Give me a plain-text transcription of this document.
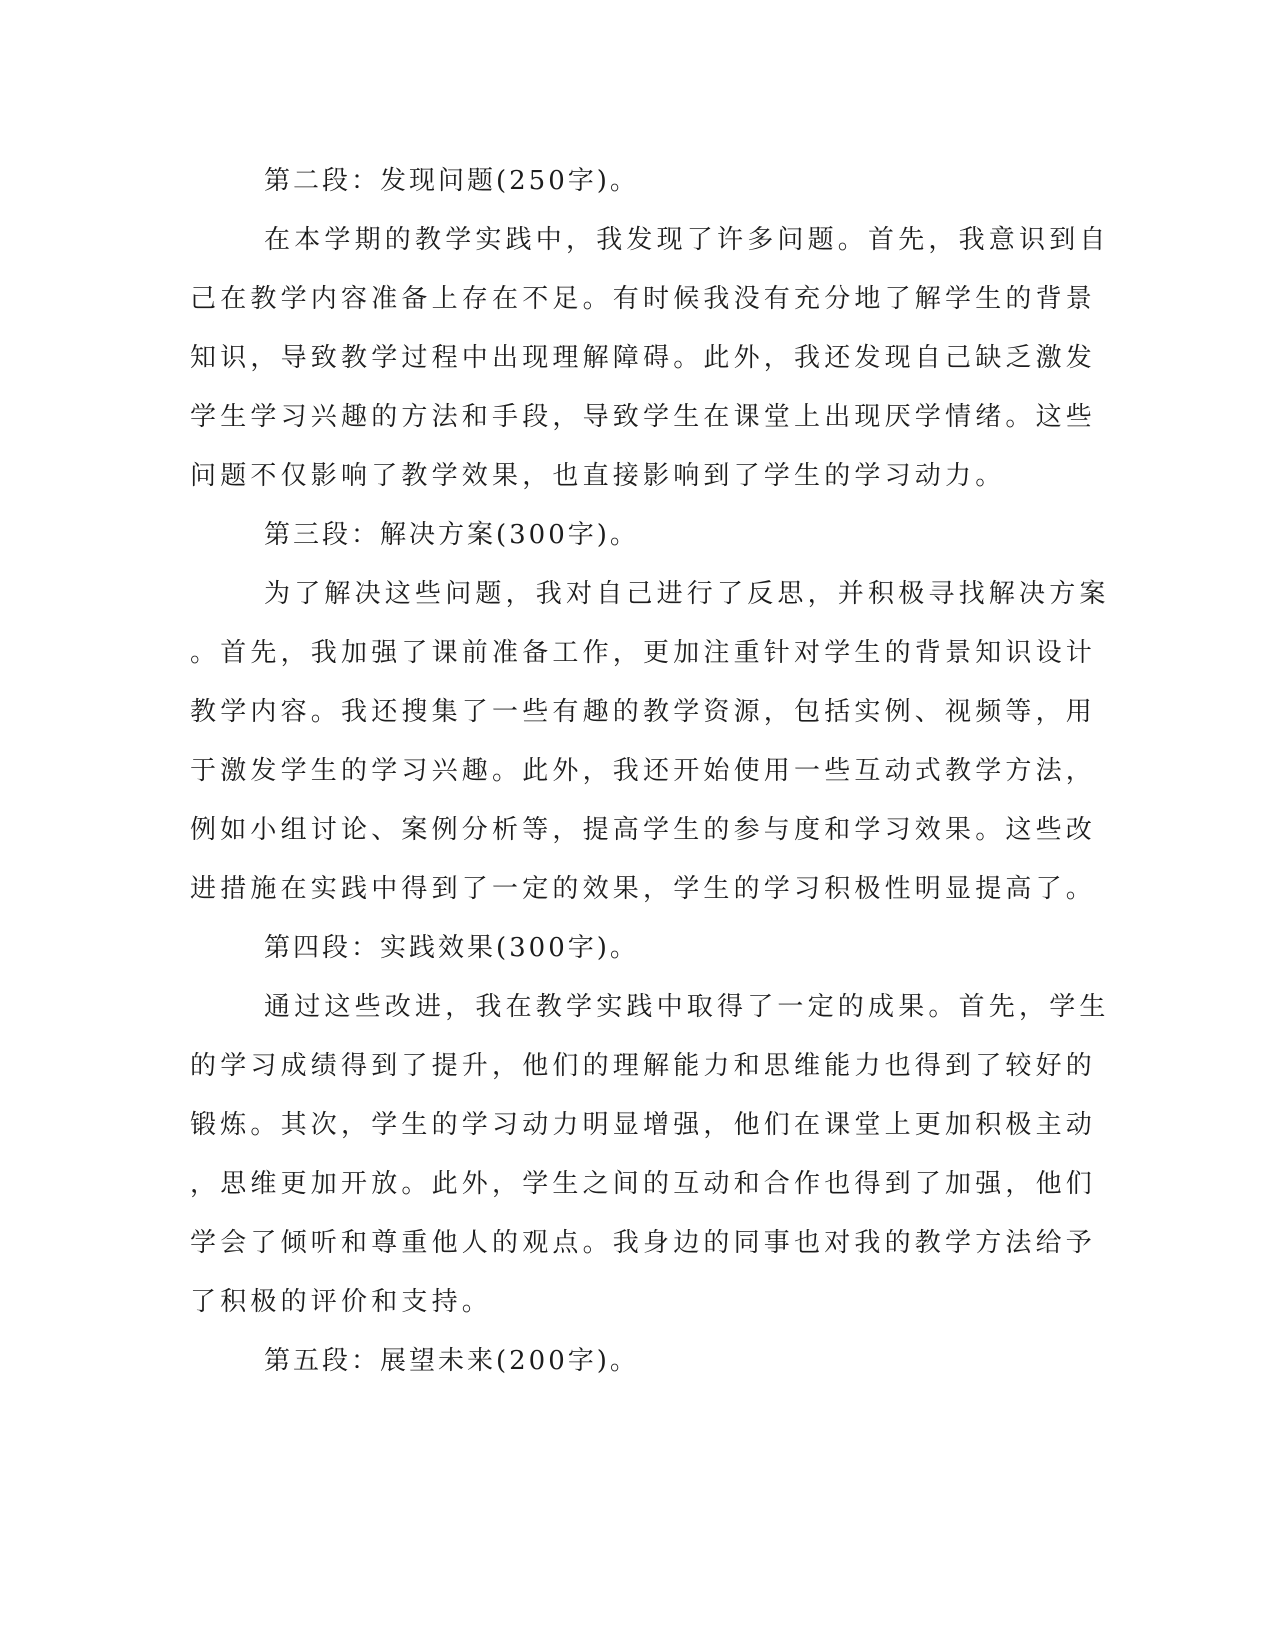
第二段：发现问题(250字)。

在本学期的教学实践中，我发现了许多问题。首先，我意识到自

己在教学内容准备上存在不足。有时候我没有充分地了解学生的背景

知识，导致教学过程中出现理解障碍。此外，我还发现自己缺乏激发

学生学习兴趣的方法和手段，导致学生在课堂上出现厌学情绪。这些

问题不仅影响了教学效果，也直接影响到了学生的学习动力。

第三段：解决方案(300字)。

为了解决这些问题，我对自己进行了反思，并积极寻找解决方案

。首先，我加强了课前准备工作，更加注重针对学生的背景知识设计

教学内容。我还搜集了一些有趣的教学资源，包括实例、视频等，用

于激发学生的学习兴趣。此外，我还开始使用一些互动式教学方法，

例如小组讨论、案例分析等，提高学生的参与度和学习效果。这些改

进措施在实践中得到了一定的效果，学生的学习积极性明显提高了。

第四段：实践效果(300字)。

通过这些改进，我在教学实践中取得了一定的成果。首先，学生

的学习成绩得到了提升，他们的理解能力和思维能力也得到了较好的

锻炼。其次，学生的学习动力明显增强，他们在课堂上更加积极主动

，思维更加开放。此外，学生之间的互动和合作也得到了加强，他们

学会了倾听和尊重他人的观点。我身边的同事也对我的教学方法给予

了积极的评价和支持。

第五段：展望未来(200字)。
